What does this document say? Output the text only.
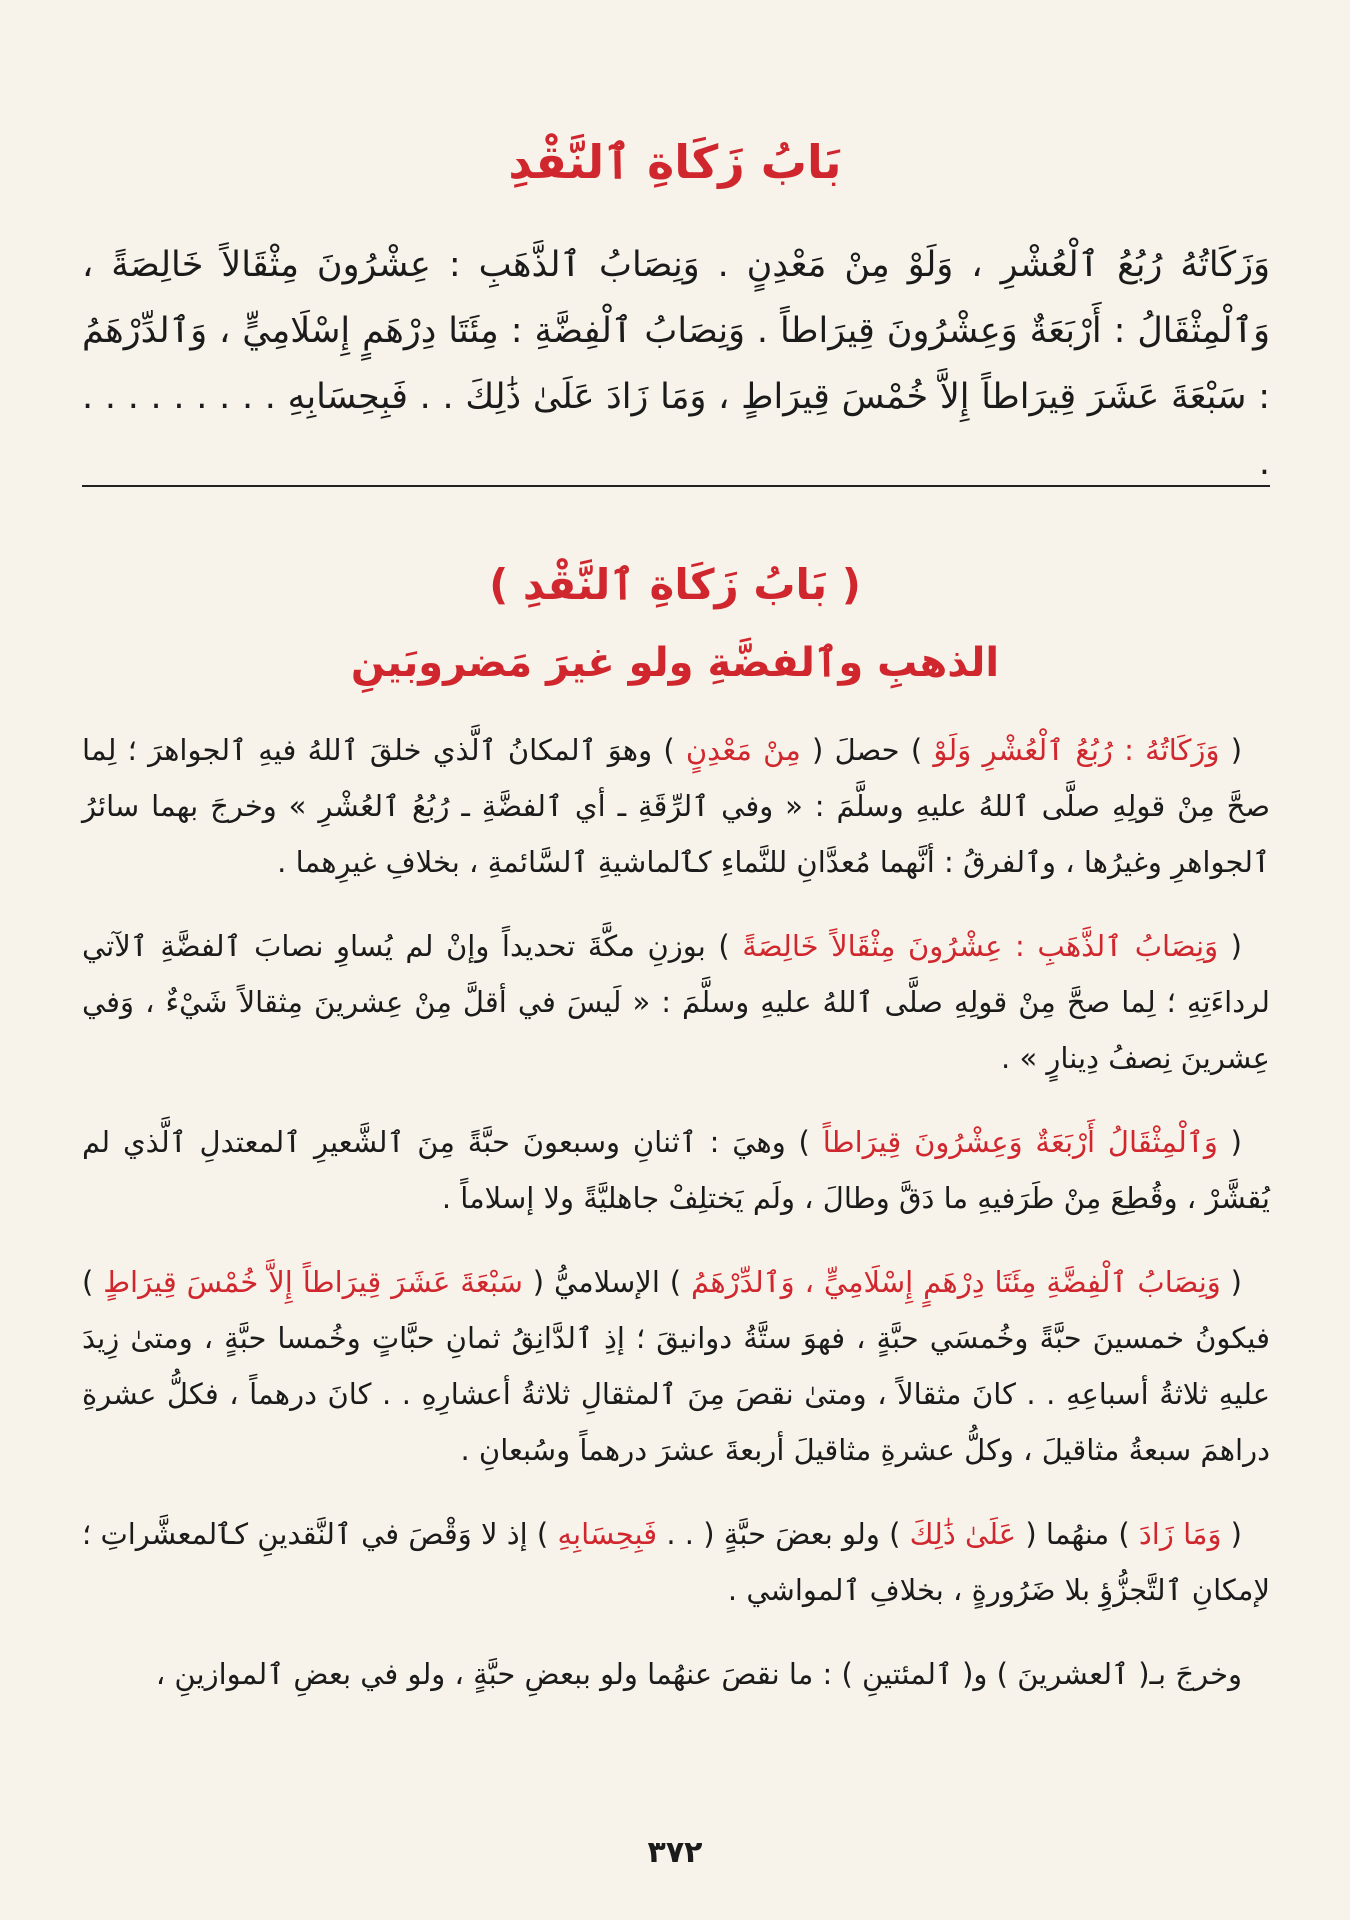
بَابُ زَكَاةِ ٱلنَّقْدِ

وَزَكَاتُهُ رُبُعُ ٱلْعُشْرِ ، وَلَوْ مِنْ مَعْدِنٍ . وَنِصَابُ ٱلذَّهَبِ : عِشْرُونَ مِثْقَالاً خَالِصَةً ، وَٱلْمِثْقَالُ : أَرْبَعَةٌ وَعِشْرُونَ قِيرَاطاً . وَنِصَابُ ٱلْفِضَّةِ : مِئَتَا دِرْهَمٍ إِسْلَامِيٍّ ، وَٱلدِّرْهَمُ : سَبْعَةَ عَشَرَ قِيرَاطاً إِلاَّ خُمْسَ قِيرَاطٍ ، وَمَا زَادَ عَلَىٰ ذَٰلِكَ . . فَبِحِسَابِهِ . . . . . . . . . .

( بَابُ زَكَاةِ ٱلنَّقْدِ )
الذهبِ وٱلفضَّةِ ولو غيرَ مَضروبَينِ

( وَزَكَاتُهُ : رُبُعُ ٱلْعُشْرِ وَلَوْ ) حصلَ ( مِنْ مَعْدِنٍ ) وهوَ ٱلمكانُ ٱلَّذي خلقَ ٱللهُ فيهِ ٱلجواهرَ ؛ لِما صحَّ مِنْ قولِهِ صلَّى ٱللهُ عليهِ وسلَّمَ : « وفي ٱلرِّقَةِ ـ أي ٱلفضَّةِ ـ رُبُعُ ٱلعُشْرِ » وخرجَ بهما سائرُ ٱلجواهرِ وغيرُها ، وٱلفرقُ : أنَّهما مُعدَّانِ للنَّماءِ كٱلماشيةِ ٱلسَّائمةِ ، بخلافِ غيرِهما .

( وَنِصَابُ ٱلذَّهَبِ : عِشْرُونَ مِثْقَالاً خَالِصَةً ) بوزنِ مكَّةَ تحديداً وإنْ لم يُساوِ نصابَ ٱلفضَّةِ ٱلآتي لرداءَتِهِ ؛ لِما صحَّ مِنْ قولِهِ صلَّى ٱللهُ عليهِ وسلَّمَ : « لَيسَ في أقلَّ مِنْ عِشرينَ مِثقالاً شَيْءٌ ، وَفي عِشرينَ نِصفُ دِينارٍ » .

( وَٱلْمِثْقَالُ أَرْبَعَةٌ وَعِشْرُونَ قِيرَاطاً ) وهيَ : ٱثنانِ وسبعونَ حبَّةً مِنَ ٱلشَّعيرِ ٱلمعتدلِ ٱلَّذي لم يُقشَّرْ ، وقُطِعَ مِنْ طَرَفيهِ ما دَقَّ وطالَ ، ولَم يَختلِفْ جاهليَّةً ولا إسلاماً .

( وَنِصَابُ ٱلْفِضَّةِ مِئَتَا دِرْهَمٍ إِسْلَامِيٍّ ، وَٱلدِّرْهَمُ ) الإسلاميُّ ( سَبْعَةَ عَشَرَ قِيرَاطاً إِلاَّ خُمْسَ قِيرَاطٍ ) فيكونُ خمسينَ حبَّةً وخُمسَي حبَّةٍ ، فهوَ ستَّةُ دوانيقَ ؛ إذِ ٱلدَّانِقُ ثمانِ حبَّاتٍ وخُمسا حبَّةٍ ، ومتىٰ زِيدَ عليهِ ثلاثةُ أسباعِهِ . . كانَ مثقالاً ، ومتىٰ نقصَ مِنَ ٱلمثقالِ ثلاثةُ أعشارِهِ . . كانَ درهماً ، فكلُّ عشرةِ دراهمَ سبعةُ مثاقيلَ ، وكلُّ عشرةِ مثاقيلَ أربعةَ عشرَ درهماً وسُبعانِ .

( وَمَا زَادَ ) منهُما ( عَلَىٰ ذَٰلِكَ ) ولو بعضَ حبَّةٍ ( . . فَبِحِسَابِهِ ) إذ لا وَقْصَ في ٱلنَّقدينِ كٱلمعشَّراتِ ؛ لإمكانِ ٱلتَّجزُّؤِ بلا ضَرُورةٍ ، بخلافِ ٱلمواشي .

وخرجَ بـ( ٱلعشرينَ ) و( ٱلمئتينِ ) : ما نقصَ عنهُما ولو ببعضِ حبَّةٍ ، ولو في بعضِ ٱلموازينِ ،

٣٧٢
